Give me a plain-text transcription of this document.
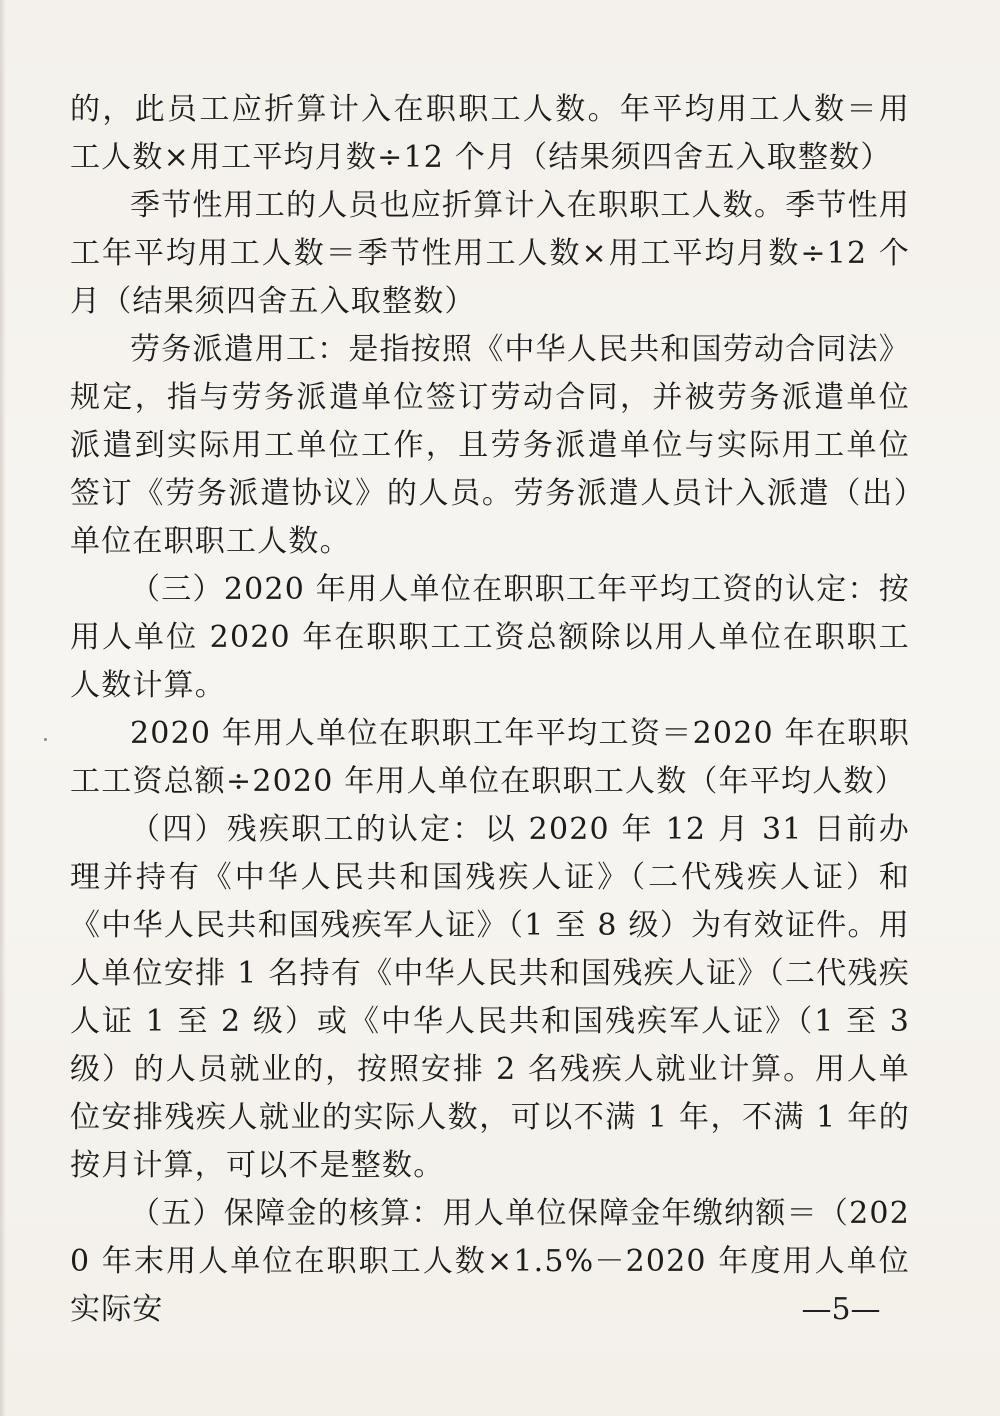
的，此员工应折算计入在职职工人数。年平均用工人数＝用工人数×用工平均月数÷12 个月（结果须四舍五入取整数）

季节性用工的人员也应折算计入在职职工人数。季节性用工年平均用工人数＝季节性用工人数×用工平均月数÷12 个月（结果须四舍五入取整数）

劳务派遣用工：是指按照《中华人民共和国劳动合同法》规定，指与劳务派遣单位签订劳动合同，并被劳务派遣单位派遣到实际用工单位工作，且劳务派遣单位与实际用工单位签订《劳务派遣协议》的人员。劳务派遣人员计入派遣（出）单位在职职工人数。

（三）2020 年用人单位在职职工年平均工资的认定：按用人单位 2020 年在职职工工资总额除以用人单位在职职工人数计算。

2020 年用人单位在职职工年平均工资＝2020 年在职职工工资总额÷2020 年用人单位在职职工人数（年平均人数）

（四）残疾职工的认定：以 2020 年 12 月 31 日前办理并持有《中华人民共和国残疾人证》（二代残疾人证）和《中华人民共和国残疾军人证》（1 至 8 级）为有效证件。用人单位安排 1 名持有《中华人民共和国残疾人证》（二代残疾人证 1 至 2 级）或《中华人民共和国残疾军人证》（1 至 3 级）的人员就业的，按照安排 2 名残疾人就业计算。用人单位安排残疾人就业的实际人数，可以不满 1 年，不满 1 年的按月计算，可以不是整数。

（五）保障金的核算：用人单位保障金年缴纳额＝（2020 年末用人单位在职职工人数×1.5%－2020 年度用人单位实际安	—5—
